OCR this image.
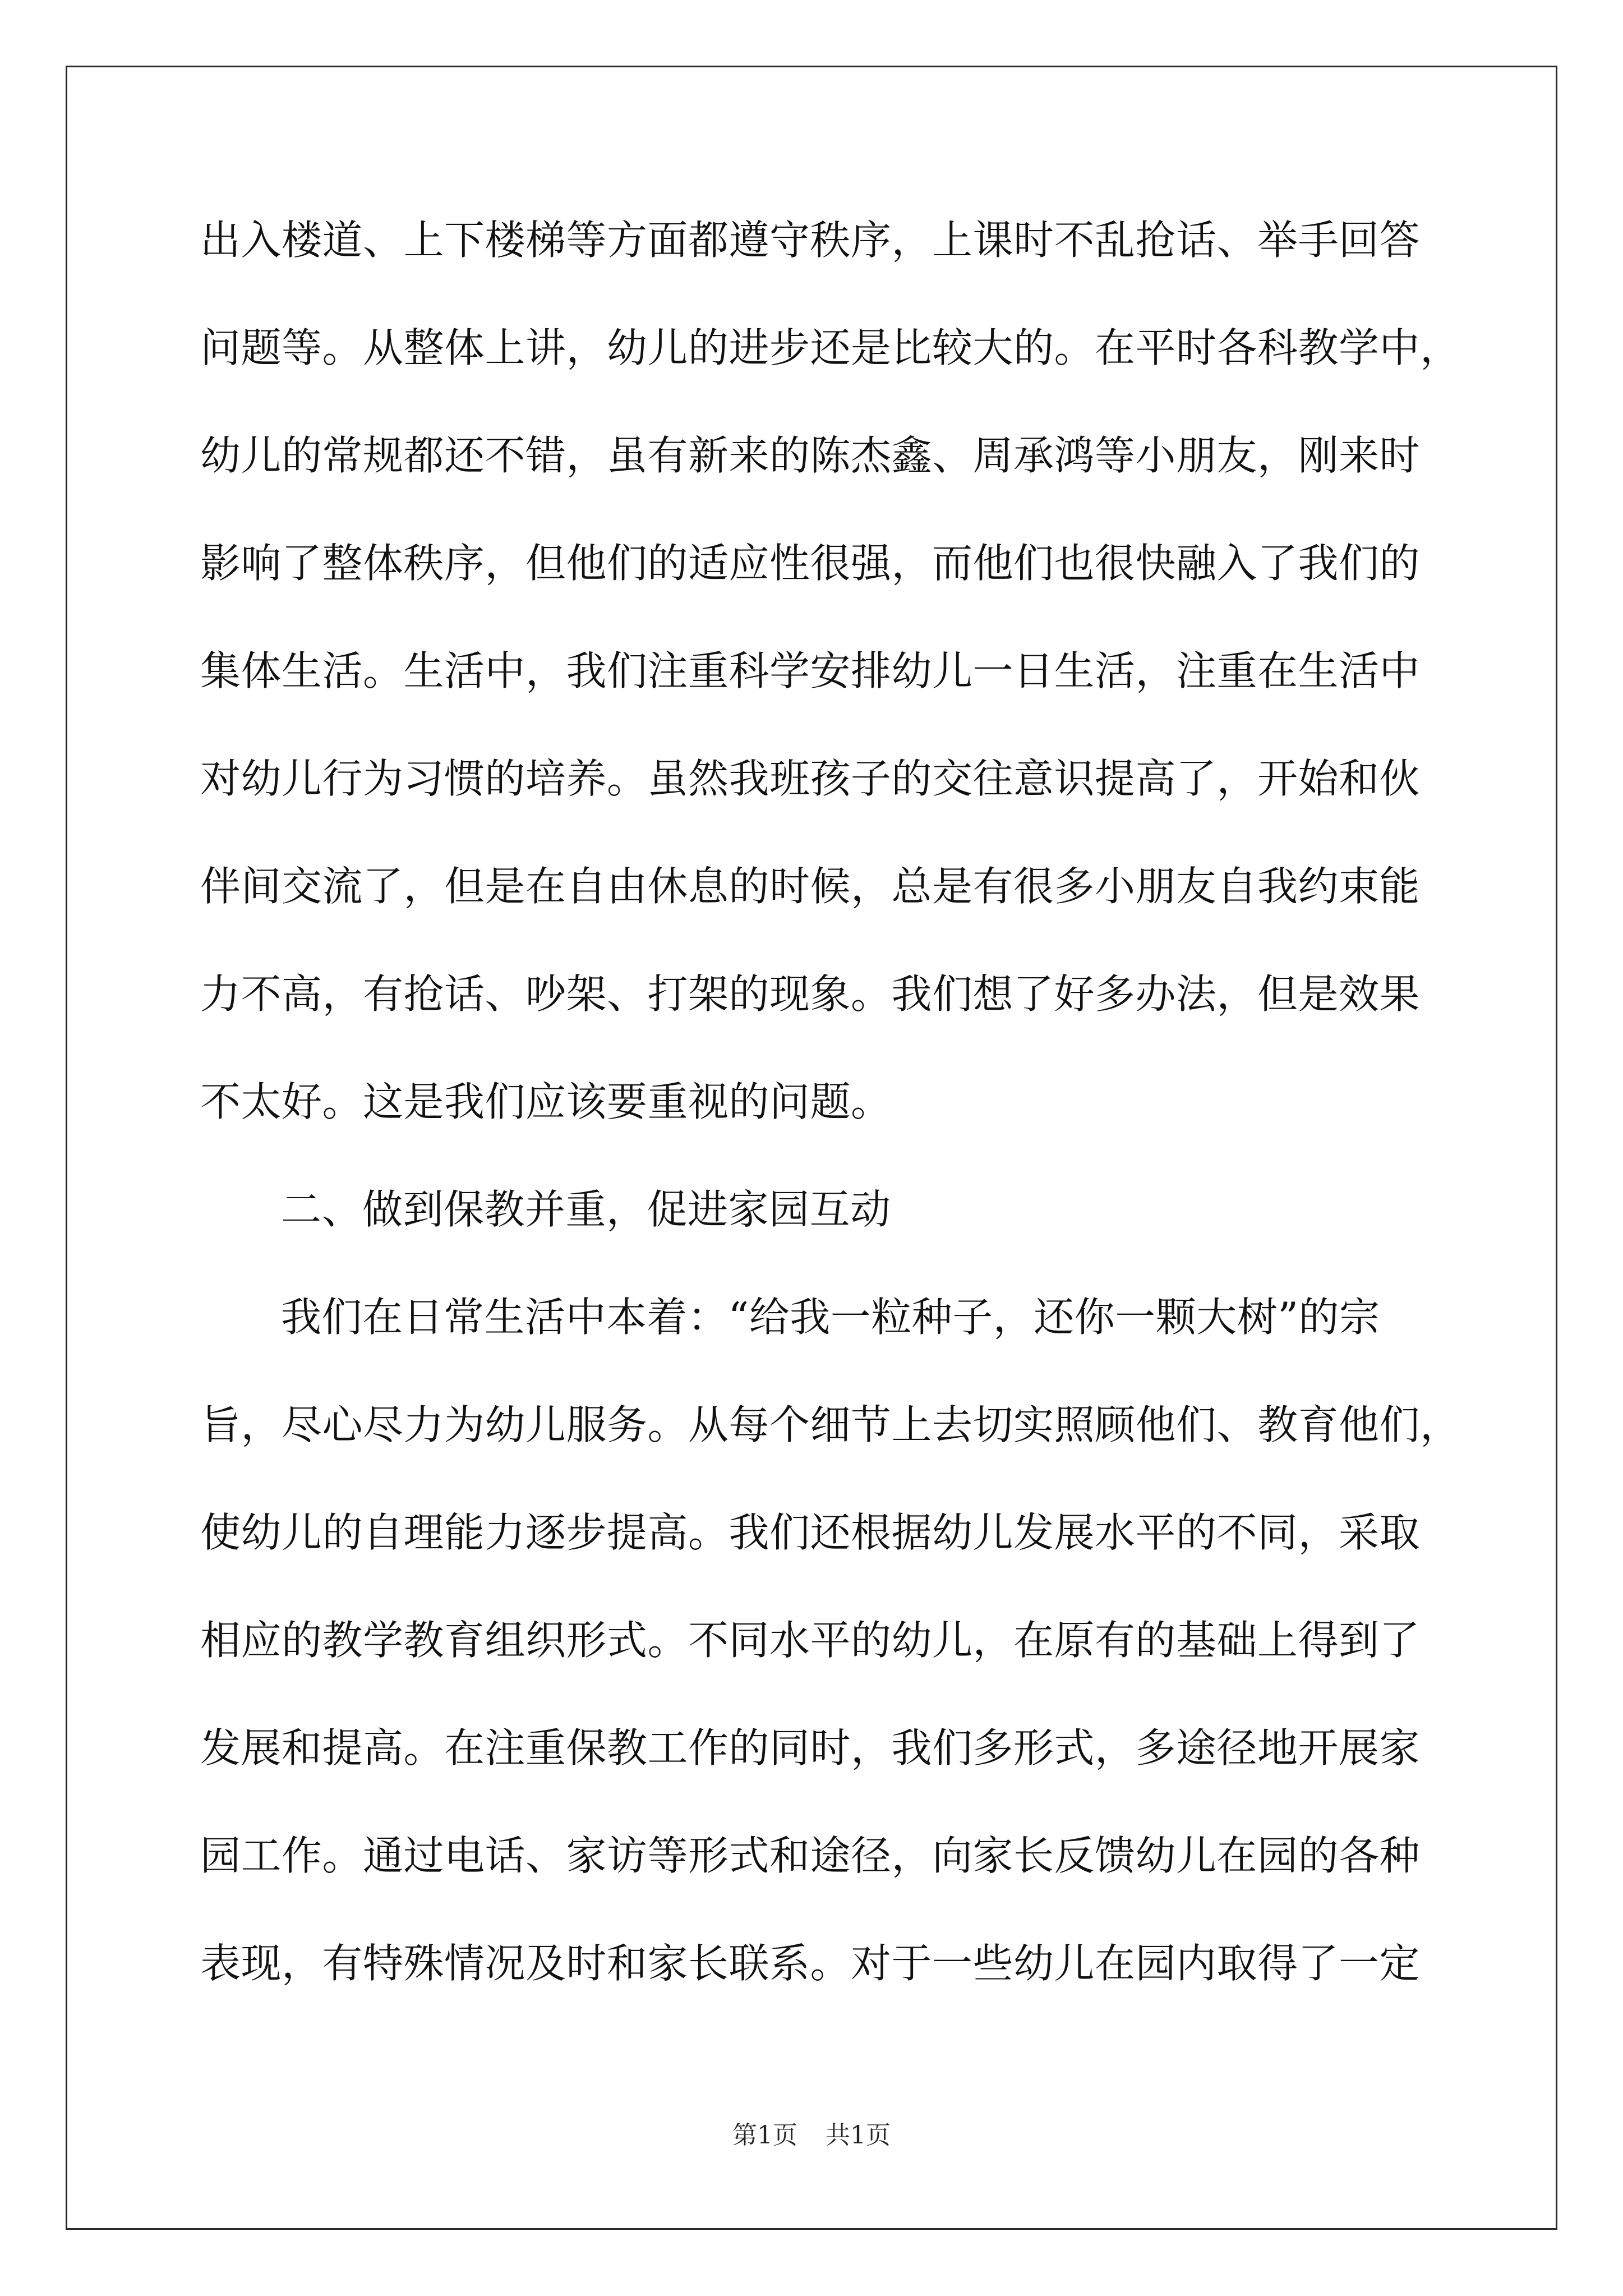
出入楼道、上下楼梯等方面都遵守秩序，上课时不乱抢话、举手回答
问题等。从整体上讲，幼儿的进步还是比较大的。在平时各科教学中，
幼儿的常规都还不错，虽有新来的陈杰鑫、周承鸿等小朋友，刚来时
影响了整体秩序，但他们的适应性很强，而他们也很快融入了我们的
集体生活。生活中，我们注重科学安排幼儿一日生活，注重在生活中
对幼儿行为习惯的培养。虽然我班孩子的交往意识提高了，开始和伙
伴间交流了，但是在自由休息的时候，总是有很多小朋友自我约束能
力不高，有抢话、吵架、打架的现象。我们想了好多办法，但是效果
不太好。这是我们应该要重视的问题。
二、做到保教并重，促进家园互动
我们在日常生活中本着：“给我一粒种子，还你一颗大树”的宗
旨，尽心尽力为幼儿服务。从每个细节上去切实照顾他们、教育他们，
使幼儿的自理能力逐步提高。我们还根据幼儿发展水平的不同，采取
相应的教学教育组织形式。不同水平的幼儿，在原有的基础上得到了
发展和提高。在注重保教工作的同时，我们多形式，多途径地开展家
园工作。通过电话、家访等形式和途径，向家长反馈幼儿在园的各种
表现，有特殊情况及时和家长联系。对于一些幼儿在园内取得了一定
第1页 共1页
